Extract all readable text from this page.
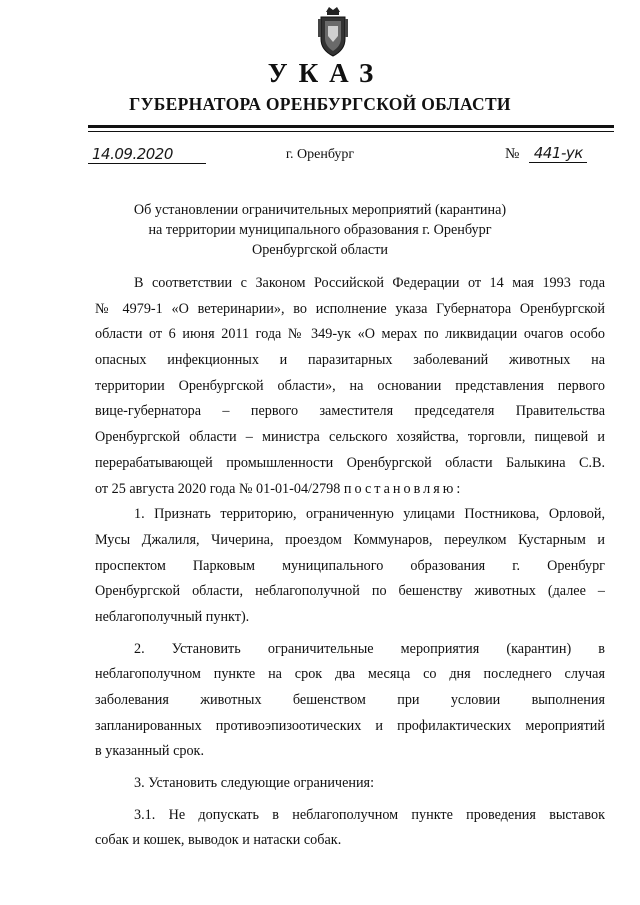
УКАЗ
ГУБЕРНАТОРА ОРЕНБУРГСКОЙ ОБЛАСТИ
14.09.2020	г. Оренбург	№ 441-ук
Об установлении ограничительных мероприятий (карантина)
на территории муниципального образования г. Оренбург
Оренбургской области
В соответствии с Законом Российской Федерации от 14 мая 1993 года
№ 4979-1 «О ветеринарии», во исполнение указа Губернатора Оренбургской
области от 6 июня 2011 года № 349-ук «О мерах по ликвидации очагов особо
опасных инфекционных и паразитарных заболеваний животных на
территории Оренбургской области», на основании представления первого
вице-губернатора – первого заместителя председателя Правительства
Оренбургской области – министра сельского хозяйства, торговли, пищевой и
перерабатывающей промышленности Оренбургской области Балыкина С.В.
от 25 августа 2020 года № 01-01-04/2798 постановляю:
1. Признать территорию, ограниченную улицами Постникова, Орловой,
Мусы Джалиля, Чичерина, проездом Коммунаров, переулком Кустарным и
проспектом Парковым муниципального образования г. Оренбург
Оренбургской области, неблагополучной по бешенству животных (далее –
неблагополучный пункт).
2. Установить ограничительные мероприятия (карантин) в
неблагополучном пункте на срок два месяца со дня последнего случая
заболевания животных бешенством при условии выполнения
запланированных противоэпизоотических и профилактических мероприятий
в указанный срок.
3. Установить следующие ограничения:
3.1. Не допускать в неблагополучном пункте проведения выставок
собак и кошек, выводок и натаски собак.
